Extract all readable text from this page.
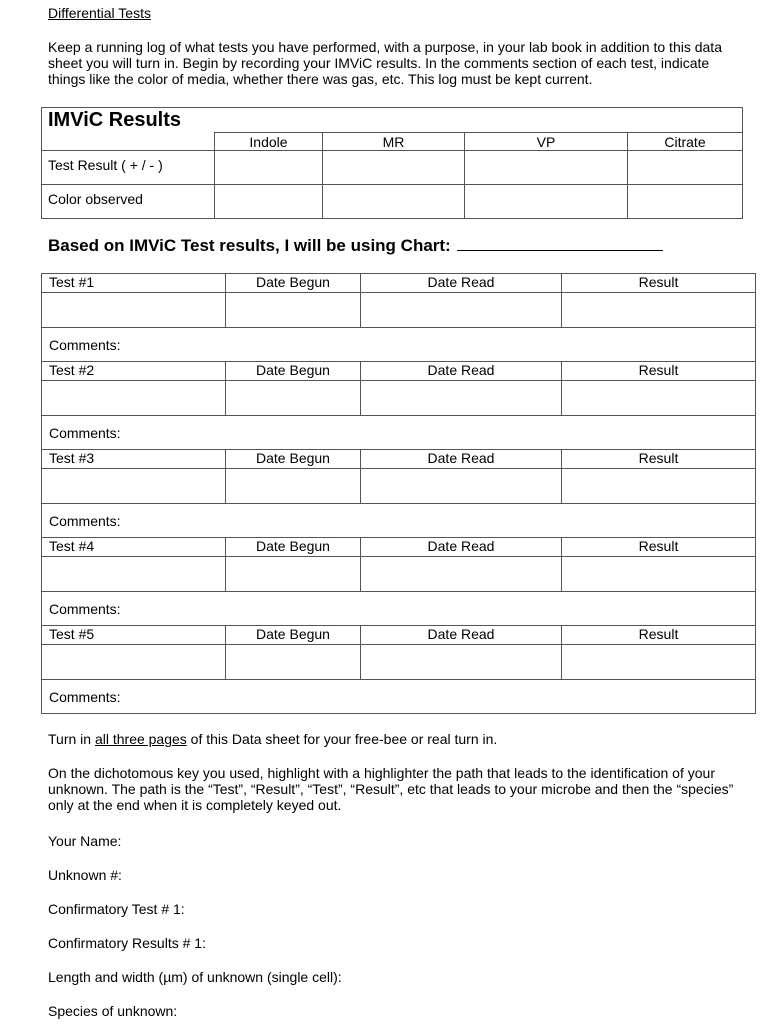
Differential Tests
Keep a running log of what tests you have performed, with a purpose, in your lab book in addition to this data sheet you will turn in. Begin by recording your IMViC results. In the comments section of each test, indicate things like the color of media, whether there was gas, etc. This log must be kept current.
IMViC Results				
	Indole	MR	VP	Citrate
Test Result ( + / - )				
Color observed				
Based on IMViC Test results, I will be using Chart:
Test #1	Date Begun	Date Read	Result

Comments:			
Test #2	Date Begun	Date Read	Result

Comments:			
Test #3	Date Begun	Date Read	Result

Comments:			
Test #4	Date Begun	Date Read	Result

Comments:			
Test #5	Date Begun	Date Read	Result

Comments:			
Turn in all three pages of this Data sheet for your free-bee or real turn in.
On the dichotomous key you used, highlight with a highlighter the path that leads to the identification of your unknown. The path is the “Test”, “Result”, “Test”, “Result”, etc that leads to your microbe and then the “species” only at the end when it is completely keyed out.
Your Name:
Unknown #:
Confirmatory Test # 1:
Confirmatory Results # 1:
Length and width (µm) of unknown (single cell):
Species of unknown:
